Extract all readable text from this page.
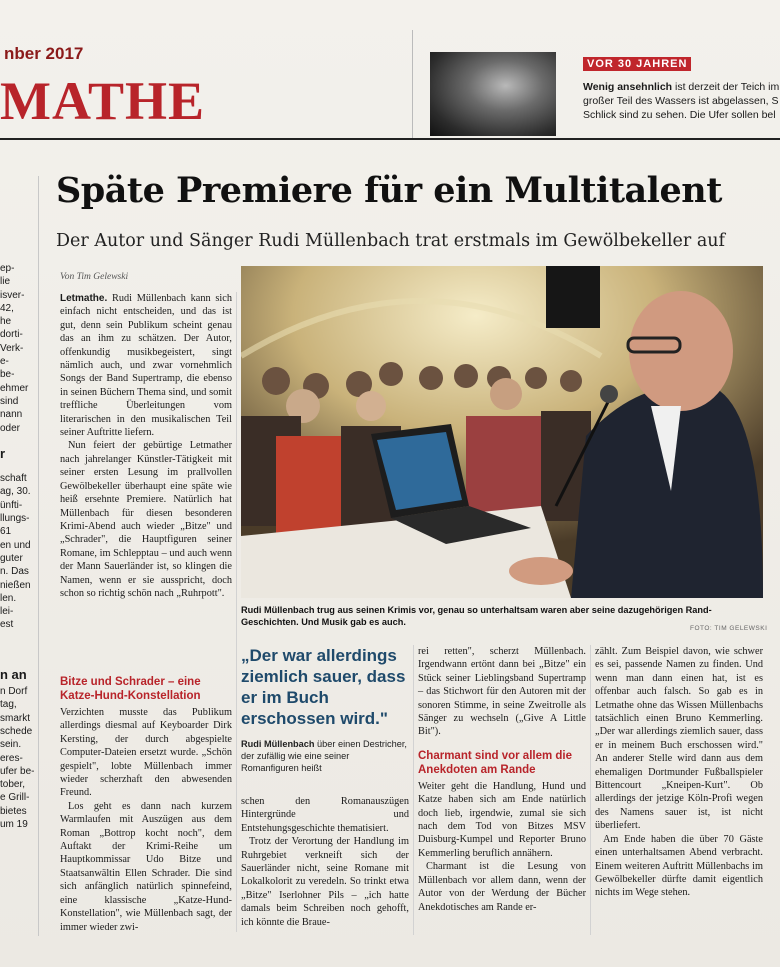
nber 2017
MATHE
VOR 30 JAHREN
Wenig ansehnlich ist derzeit der Teich im
großer Teil des Wassers ist abgelassen, S
Schlick sind zu sehen. Die Ufer sollen bel
ep-
lie
isver-
42,
he
dorti-
Verk-
e-
be-
ehmer
sind
nann
oder
r
schaft
ag, 30.
ünfti-
llungs-
61
en und
guter
n. Das
nießen
len.
lei-
est
n an
n Dorf
tag,
smarkt
schede
sein.
eres-
ufer be-
tober,
e Grill-
bietes
um 19
Späte Premiere für ein Multitalent
Der Autor und Sänger Rudi Müllenbach trat erstmals im Gewölbekeller auf
Von Tim Gelewski

Letmathe. Rudi Müllenbach kann sich einfach nicht entscheiden, und das ist gut, denn sein Publikum scheint genau das an ihm zu schätzen. Der Autor, offenkundig musikbegeistert, singt nämlich auch, und zwar vornehmlich Songs der Band Supertramp, die ebenso in seinen Büchern Thema sind, und somit treffliche Überleitungen vom literarischen in den musikalischen Teil seiner Auftritte liefern.

Nun feiert der gebürtige Letmather nach jahrelanger Künstler-Tätigkeit mit seiner ersten Lesung im prallvollen Gewölbekeller überhaupt eine späte wie heiß ersehnte Premiere. Natürlich hat Müllenbach für diesen besonderen Krimi-Abend auch wieder „Bitze" und „Schrader", die Hauptfiguren seiner Romane, im Schlepptau – und auch wenn der Mann Sauerländer ist, so klingen die Namen, wenn er sie ausspricht, doch schon so richtig schön nach „Ruhrpott".

Bitze und Schrader – eine Katze-Hund-Konstellation

Verzichten musste das Publikum allerdings diesmal auf Keyboarder Dirk Kersting, der durch abgespielte Computer-Dateien ersetzt wurde. „Schön gespielt", lobte Müllenbach immer wieder scherzhaft den abwesenden Freund.

Los geht es dann nach kurzem Warmlaufen mit Auszügen aus dem Roman „Bottrop kocht noch", dem Auftakt der Krimi-Reihe um Hauptkommissar Udo Bitze und Staatsanwältin Ellen Schrader. Die sind sich anfänglich natürlich spinnefeind, eine klassische „Katze-Hund-Konstellation", wie Müllenbach sagt, der immer wieder zwi-

Rudi Müllenbach trug aus seinen Krimis vor, genau so unterhaltsam waren aber seine dazugehörigen Rand-Geschichten. Und Musik gab es auch.
FOTO: TIM GELEWSKI
„Der war allerdings ziemlich sauer, dass er im Buch erschossen wird."
Rudi Müllenbach über einen Destricher, der zufällig wie eine seiner Romanfiguren heißt

schen den Romanauszügen Hintergründe und Entstehungsgeschichte thematisiert.

Trotz der Verortung der Handlung im Ruhrgebiet verkneift sich der Sauerländer nicht, seine Romane mit Lokalkolorit zu veredeln. So trinkt etwa „Bitze" Iserlohner Pils – „ich hatte damals beim Schreiben noch gehofft, ich könnte die Braue-

rei retten", scherzt Müllenbach. Irgendwann ertönt dann bei „Bitze" ein Stück seiner Lieblingsband Supertramp – das Stichwort für den Autoren mit der sonoren Stimme, in seine Zweitrolle als Sänger zu wechseln („Give A Little Bit").

Charmant sind vor allem die Anekdoten am Rande

Weiter geht die Handlung, Hund und Katze haben sich am Ende natürlich doch lieb, irgendwie, zumal sie sich nach dem Tod von Bitzes MSV Duisburg-Kumpel und Reporter Bruno Kemmerling beruflich annähern.

Charmant ist die Lesung von Müllenbach vor allem dann, wenn der Autor von der Werdung der Bücher Anekdotisches am Rande er-

zählt. Zum Beispiel davon, wie schwer es sei, passende Namen zu finden. Und wenn man dann einen hat, ist es offenbar auch falsch. So gab es in Letmathe ohne das Wissen Müllenbachs tatsächlich einen Bruno Kemmerling. „Der war allerdings ziemlich sauer, dass er in meinem Buch erschossen wird." An anderer Stelle wird dann aus dem ehemaligen Dortmunder Fußballspieler Bittencourt „Kneipen-Kurt". Ob allerdings der jetzige Köln-Profi wegen des Namens sauer ist, ist nicht überliefert.

Am Ende haben die über 70 Gäste einen unterhaltsamen Abend verbracht. Einem weiteren Auftritt Müllenbachs im Gewölbekeller dürfte damit eigentlich nichts im Wege stehen.
